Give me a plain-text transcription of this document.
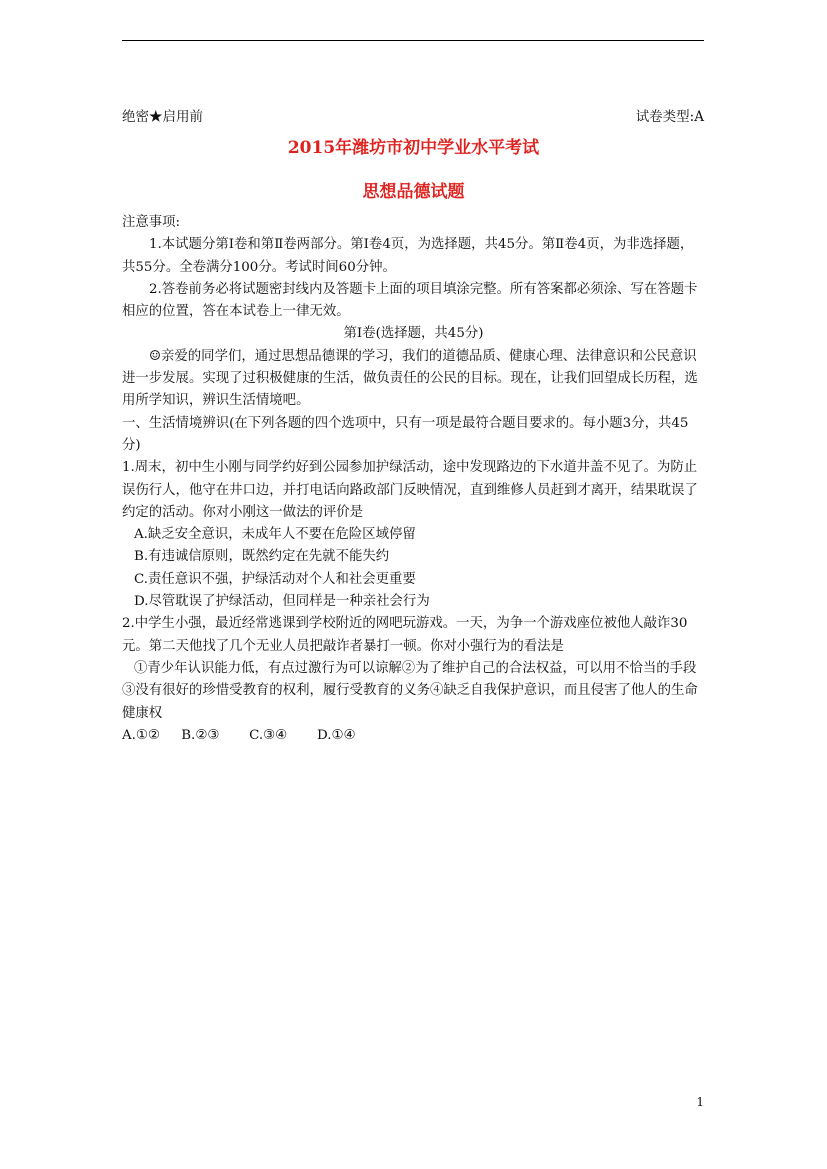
绝密★启用前	试卷类型:A
2015年潍坊市初中学业水平考试
思想品德试题

注意事项:

1.本试题分第Ⅰ卷和第Ⅱ卷两部分。第Ⅰ卷4页，为选择题，共45分。第Ⅱ卷4页，为非选择题，共55分。全卷满分100分。考试时间60分钟。

2.答卷前务必将试题密封线内及答题卡上面的项目填涂完整。所有答案都必须涂、写在答题卡相应的位置，答在本试卷上一律无效。

第Ⅰ卷(选择题，共45分)

☺亲爱的同学们，通过思想品德课的学习，我们的道德品质、健康心理、法律意识和公民意识进一步发展。实现了过积极健康的生活，做负责任的公民的目标。现在，让我们回望成长历程，选用所学知识，辨识生活情境吧。

一、生活情境辨识(在下列各题的四个选项中，只有一项是最符合题目要求的。每小题3分，共45分)

1.周末，初中生小刚与同学约好到公园参加护绿活动，途中发现路边的下水道井盖不见了。为防止误伤行人，他守在井口边，并打电话向路政部门反映情况，直到维修人员赶到才离开，结果耽误了约定的活动。你对小刚这一做法的评价是

A.缺乏安全意识，未成年人不要在危险区域停留

B.有违诚信原则，既然约定在先就不能失约

C.责任意识不强，护绿活动对个人和社会更重要

D.尽管耽误了护绿活动，但同样是一种亲社会行为

2.中学生小强，最近经常逃课到学校附近的网吧玩游戏。一天，为争一个游戏座位被他人敲诈30元。第二天他找了几个无业人员把敲诈者暴打一顿。你对小强行为的看法是

①青少年认识能力低，有点过激行为可以谅解②为了维护自己的合法权益，可以用不恰当的手段③没有很好的珍惜受教育的权利，履行受教育的义务④缺乏自我保护意识，而且侵害了他人的生命健康权

A.①②     B.②③       C.③④       D.①④

1
